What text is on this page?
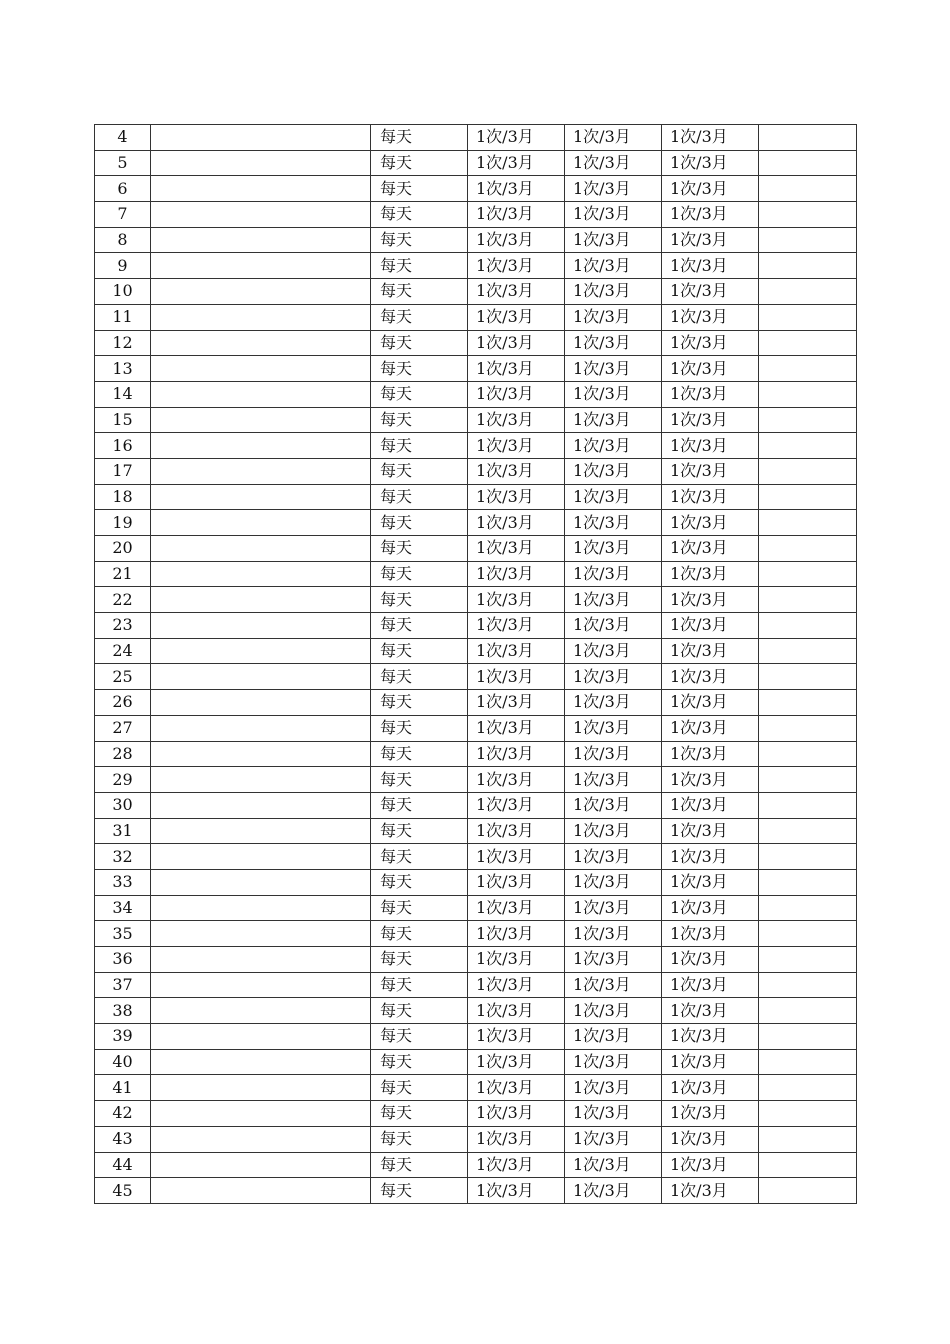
4		每天	1次/3月	1次/3月	1次/3月	
5		每天	1次/3月	1次/3月	1次/3月	
6		每天	1次/3月	1次/3月	1次/3月	
7		每天	1次/3月	1次/3月	1次/3月	
8		每天	1次/3月	1次/3月	1次/3月	
9		每天	1次/3月	1次/3月	1次/3月	
10		每天	1次/3月	1次/3月	1次/3月	
11		每天	1次/3月	1次/3月	1次/3月	
12		每天	1次/3月	1次/3月	1次/3月	
13		每天	1次/3月	1次/3月	1次/3月	
14		每天	1次/3月	1次/3月	1次/3月	
15		每天	1次/3月	1次/3月	1次/3月	
16		每天	1次/3月	1次/3月	1次/3月	
17		每天	1次/3月	1次/3月	1次/3月	
18		每天	1次/3月	1次/3月	1次/3月	
19		每天	1次/3月	1次/3月	1次/3月	
20		每天	1次/3月	1次/3月	1次/3月	
21		每天	1次/3月	1次/3月	1次/3月	
22		每天	1次/3月	1次/3月	1次/3月	
23		每天	1次/3月	1次/3月	1次/3月	
24		每天	1次/3月	1次/3月	1次/3月	
25		每天	1次/3月	1次/3月	1次/3月	
26		每天	1次/3月	1次/3月	1次/3月	
27		每天	1次/3月	1次/3月	1次/3月	
28		每天	1次/3月	1次/3月	1次/3月	
29		每天	1次/3月	1次/3月	1次/3月	
30		每天	1次/3月	1次/3月	1次/3月	
31		每天	1次/3月	1次/3月	1次/3月	
32		每天	1次/3月	1次/3月	1次/3月	
33		每天	1次/3月	1次/3月	1次/3月	
34		每天	1次/3月	1次/3月	1次/3月	
35		每天	1次/3月	1次/3月	1次/3月	
36		每天	1次/3月	1次/3月	1次/3月	
37		每天	1次/3月	1次/3月	1次/3月	
38		每天	1次/3月	1次/3月	1次/3月	
39		每天	1次/3月	1次/3月	1次/3月	
40		每天	1次/3月	1次/3月	1次/3月	
41		每天	1次/3月	1次/3月	1次/3月	
42		每天	1次/3月	1次/3月	1次/3月	
43		每天	1次/3月	1次/3月	1次/3月	
44		每天	1次/3月	1次/3月	1次/3月	
45		每天	1次/3月	1次/3月	1次/3月	
